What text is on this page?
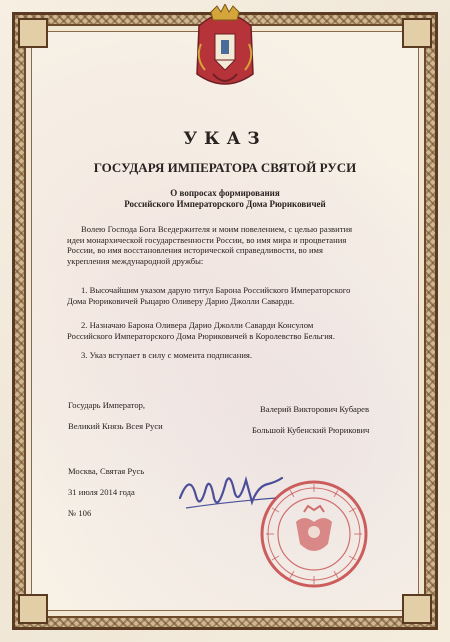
УКАЗ
ГОСУДАРЯ ИМПЕРАТОРА СВЯТОЙ РУСИ
О вопросах формирования
Российского Императорского Дома Рюриковичей
Волею Господа Бога Вседержителя и моим повелением, с целью развития
идеи монархической государственности России, во имя мира и процветания
России, во имя восстановления исторической справедливости, во имя
укрепления международной дружбы:
1. Высочайшим указом дарую титул Барона Российского Императорского
Дома Рюриковичей Рыцарю Оливеру Дарио Джолли Саварди.
2. Назначаю Барона Оливера Дарио Джолли Саварди Консулом
Российского Императорского Дома Рюриковичей в Королевство Бельгия.
3. Указ вступает в силу с момента подписания.
Государь Император,
Великий Князь Всея Руси
Валерий Викторович Кубарев
Большой Кубенский Рюрикович
Москва, Святая Русь
31 июля 2014 года
№ 106
